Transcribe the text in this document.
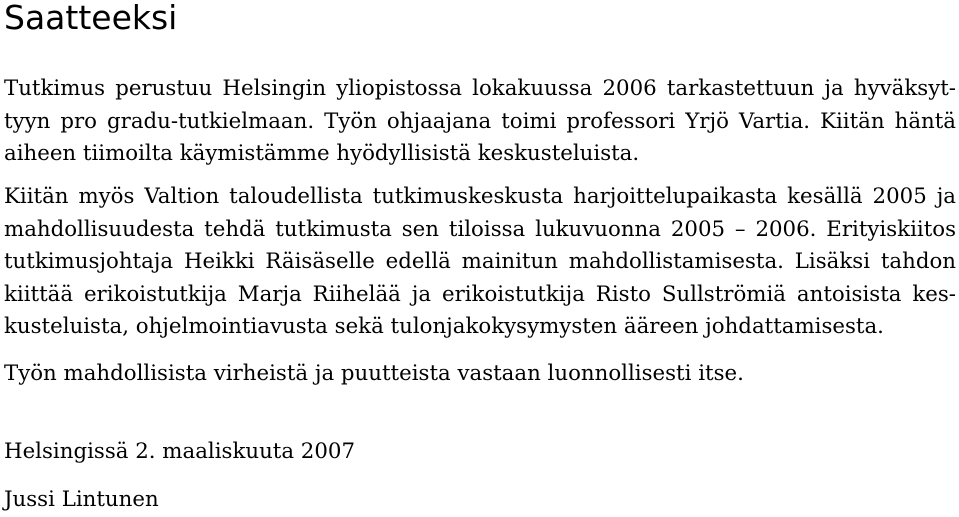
Saatteeksi
Tutkimus perustuu Helsingin yliopistossa lokakuussa 2006 tarkastettuun ja hyväksyt-
tyyn pro gradu-tutkielmaan. Työn ohjaajana toimi professori Yrjö Vartia. Kiitän häntä
aiheen tiimoilta käymistämme hyödyllisistä keskusteluista.
Kiitän myös Valtion taloudellista tutkimuskeskusta harjoittelupaikasta kesällä 2005 ja
mahdollisuudesta tehdä tutkimusta sen tiloissa lukuvuonna 2005 – 2006. Erityiskiitos
tutkimusjohtaja Heikki Räisäselle edellä mainitun mahdollistamisesta. Lisäksi tahdon
kiittää erikoistutkija Marja Riihelää ja erikoistutkija Risto Sullströmiä antoisista kes-
kusteluista, ohjelmointiavusta sekä tulonjakokysymysten ääreen johdattamisesta.
Työn mahdollisista virheistä ja puutteista vastaan luonnollisesti itse.
Helsingissä 2. maaliskuuta 2007
Jussi Lintunen
